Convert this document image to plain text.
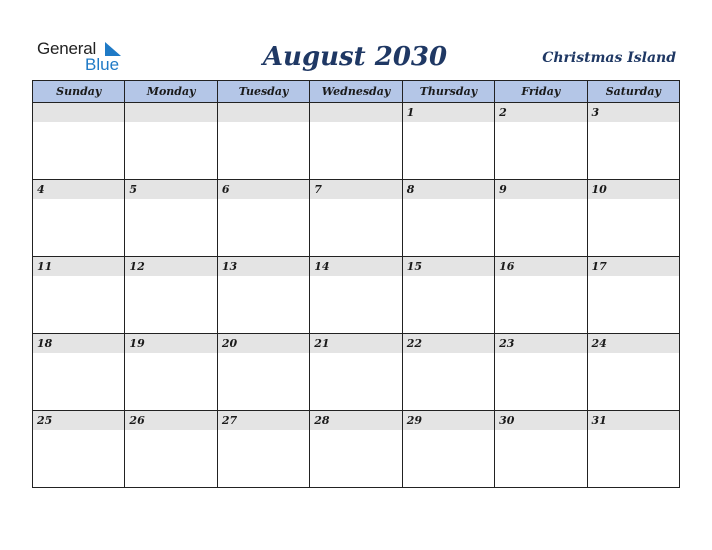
General
Blue	August 2030	Christmas Island
Sunday	Monday	Tuesday	Wednesday	Thursday	Friday	Saturday

				1	2	3

4	5	6	7	8	9	10

11	12	13	14	15	16	17

18	19	20	21	22	23	24

25	26	27	28	29	30	31
